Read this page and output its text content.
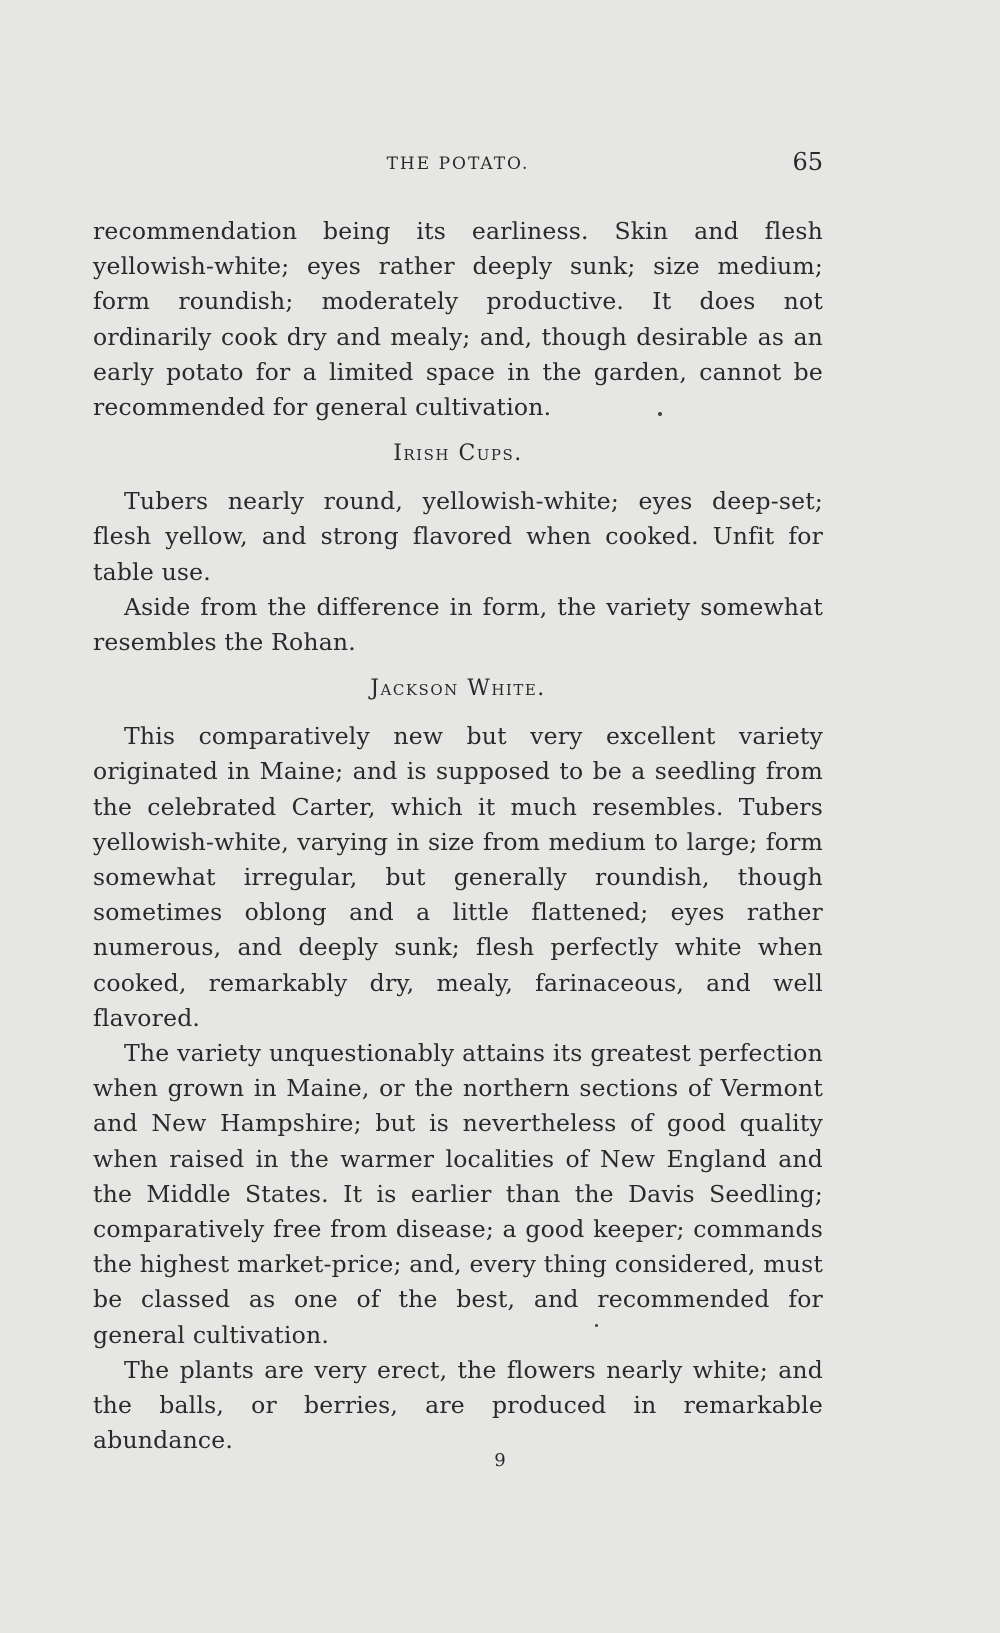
THE POTATO.	65

recommendation being its earliness. Skin and flesh yellowish-white; eyes rather deeply sunk; size medium; form roundish; moderately productive. It does not ordinarily cook dry and mealy; and, though desirable as an early potato for a limited space in the garden, cannot be recommended for general cultivation.

Irish Cups.

Tubers nearly round, yellowish-white; eyes deep-set; flesh yellow, and strong flavored when cooked. Unfit for table use.

Aside from the difference in form, the variety somewhat resembles the Rohan.

Jackson White.

This comparatively new but very excellent variety originated in Maine; and is supposed to be a seedling from the celebrated Carter, which it much resembles. Tubers yellowish-white, varying in size from medium to large; form somewhat irregular, but generally roundish, though sometimes oblong and a little flattened; eyes rather numerous, and deeply sunk; flesh perfectly white when cooked, remarkably dry, mealy, farinaceous, and well flavored.

The variety unquestionably attains its greatest perfection when grown in Maine, or the northern sections of Vermont and New Hampshire; but is nevertheless of good quality when raised in the warmer localities of New England and the Middle States. It is earlier than the Davis Seedling; comparatively free from disease; a good keeper; commands the highest market-price; and, every thing considered, must be classed as one of the best, and recommended for general cultivation.

The plants are very erect, the flowers nearly white; and the balls, or berries, are produced in remarkable abundance.

9
